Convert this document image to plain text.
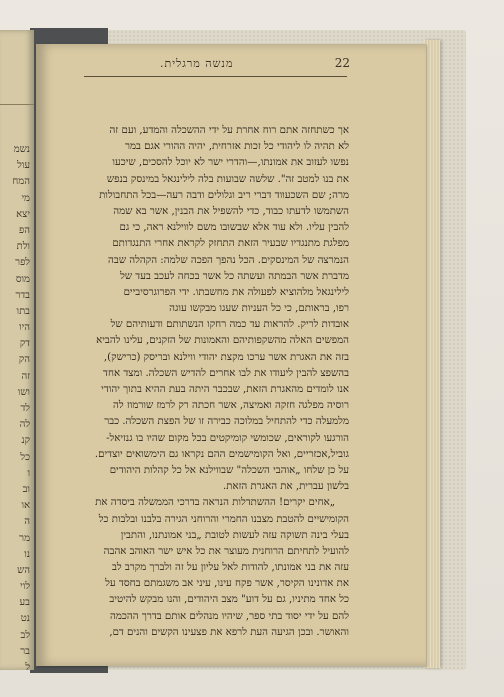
נשמ
עול
המח
מי
יצא
הפ
ולת
לפר
מוס
בדר
בתו
היו
דק
הק
זה
ושו
לד
לה
קנ
כל
ו
וב
או
ה
מר
נו
הש
לוי
בע
נט
לב
בר
ל
מנשה מרגלית.	22
אך כשתחזה אתם רוח אחרת על ידי ההשכלה והמדע, ועם זה
לא תהיה לו ליהודי כל זכות אזרחית, יהיה ההורי אגם במר
נפשו לעזוב את אמונתו,—והדרי ישר לא יוכל להסכים, שיכעו
את בנו למטב זה". שלשה שבועות בלה לילינגאל במינסק בנפש
מרה; שם השכעווד דברי ריב וגלולים ודבה רעה—בכל התחבולות
השתמשו לדעתו כבוד, כדי להשפיל את הבנין, אשר בא שמה
להבין עליו. ולא עוד אלא שבשובו משם לווילנא ראה, כי גם
מפלגת מתנגדיו שבעיר הזאת התחזק לקראת אחרי התנגדותם
הנמרצה של המינסקים. הכל נהפך הפכה שלמה: הקהלה שבה
מדברת אשר הבמתה ועשתה כל אשר בכחה לעכב בעד של
לילינגאל מלהוציא לפעולה את מחשבתו. ידי הפרוגרסיביים
רפו, בראותם, כי כל העניות שעגו מבקשו עוגה
אובדות לריק. להראות עד כמה רחקו הנשתותם ודעותיהם של
המפשים האלה מהשקפותיהם והאמונות של הזקנים, עלינו להביא
בזה את האגרת אשר ערכו מקצת יהודי ווילנא ובריסק (כרישק),
בהשפצ להבין ליעודו את לבו אחרים להדיש השכלה. ומצד אחד
אנו לומדים מהאגרת הזאת, שבכבר היתה בעת ההיא בתוך יהודי
רוסיה מפלגה חזקה ואמיצה, אשר חכתה רק לרמז שורמוז לה
מלמעלה כדי להתחיל במלוכה כבירה זו של הפצת השכלה. כבר
הורגעו לקוראים, שכומשי קומיקטים בכל מקום שהיו בו גנזיאל-
גוביל,אכזריים, ואל הקומישמים ההם נקראו גם הימשואים יוצדים.
על כן שלחו „אוהבי השכלה" שבווילנא אל כל קהלות היהודים
בלשון עברית, את האגרת הזאת.
„אחים יקרים! ההשתדלות הנראה בדרכי הממשלה ביסדה את
הקומישיים להטבת מצבנו החמרי והרוחני הגירה בלבנו ובלבות כל
בעלי בינה תשוקה עזה לעשות לטובת „בני אמונתנו, והתבין
להועיל לתחיתם הרוחנית מעוצר את כל איש ישר האוהב אהבה
עזה את בני אמונתו, להודות לאל עליון על זה ולברך מקרב לב
את אדונינו הקיסר, אשר פקח עינו, עיני אב משגמתם בחסד על
כל אחד מתיניו, גם על דוע" מצב היהודים, והנו מבקש להיטיב
להם על ידי יסוד בתי ספר, שיהיו מנהלים אותם בדרך ההכמה
והאושר. ובכן הגיעה העת לרפא את פצעינו הקשים והנים דם,
